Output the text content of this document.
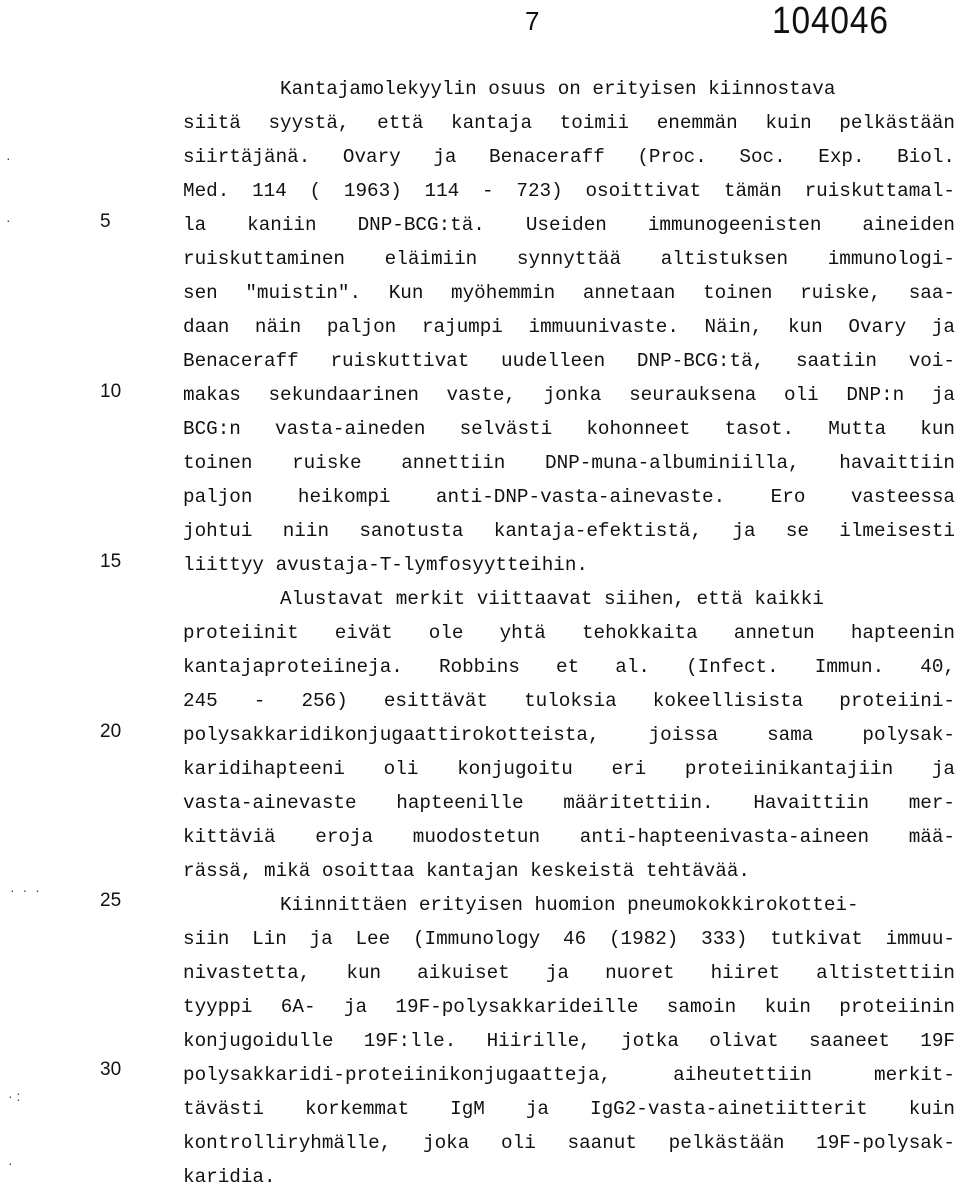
7	104046
5
10
15
20
25
30
·
·
· · ·
· :
·
Kantajamolekyylin osuus on erityisen kiinnostava
siitä syystä, että kantaja toimii enemmän kuin pelkästään
siirtäjänä. Ovary ja Benaceraff (Proc. Soc. Exp. Biol.
Med. 114 ( 1963) 114 - 723) osoittivat tämän ruiskuttamal-
la kaniin DNP-BCG:tä. Useiden immunogeenisten aineiden
ruiskuttaminen eläimiin synnyttää altistuksen immunologi-
sen "muistin". Kun myöhemmin annetaan toinen ruiske, saa-
daan näin paljon rajumpi immuunivaste. Näin, kun Ovary ja
Benaceraff ruiskuttivat uudelleen DNP-BCG:tä, saatiin voi-
makas sekundaarinen vaste, jonka seurauksena oli DNP:n ja
BCG:n vasta-aineden selvästi kohonneet tasot. Mutta kun
toinen ruiske annettiin DNP-muna-albuminiilla, havaittiin
paljon heikompi anti-DNP-vasta-ainevaste. Ero vasteessa
johtui niin sanotusta kantaja-efektistä, ja se ilmeisesti
liittyy avustaja-T-lymfosyytteihin.
Alustavat merkit viittaavat siihen, että kaikki
proteiinit eivät ole yhtä tehokkaita annetun hapteenin
kantajaproteiineja. Robbins et al. (Infect. Immun. 40,
245 - 256) esittävät tuloksia kokeellisista proteiini-
polysakkaridikonjugaattirokotteista, joissa sama polysak-
karidihapteeni oli konjugoitu eri proteiinikantajiin ja
vasta-ainevaste hapteenille määritettiin. Havaittiin mer-
kittäviä eroja muodostetun anti-hapteenivasta-aineen mää-
rässä, mikä osoittaa kantajan keskeistä tehtävää.
Kiinnittäen erityisen huomion pneumokokkirokottei-
siin Lin ja Lee (Immunology 46 (1982) 333) tutkivat immuu-
nivastetta, kun aikuiset ja nuoret hiiret altistettiin
tyyppi 6A- ja 19F-polysakkarideille samoin kuin proteiinin
konjugoidulle 19F:lle. Hiirille, jotka olivat saaneet 19F
polysakkaridi-proteiinikonjugaatteja, aiheutettiin merkit-
tävästi korkemmat IgM ja IgG2-vasta-ainetiitterit kuin
kontrolliryhmälle, joka oli saanut pelkästään 19F-polysak-
karidia.
